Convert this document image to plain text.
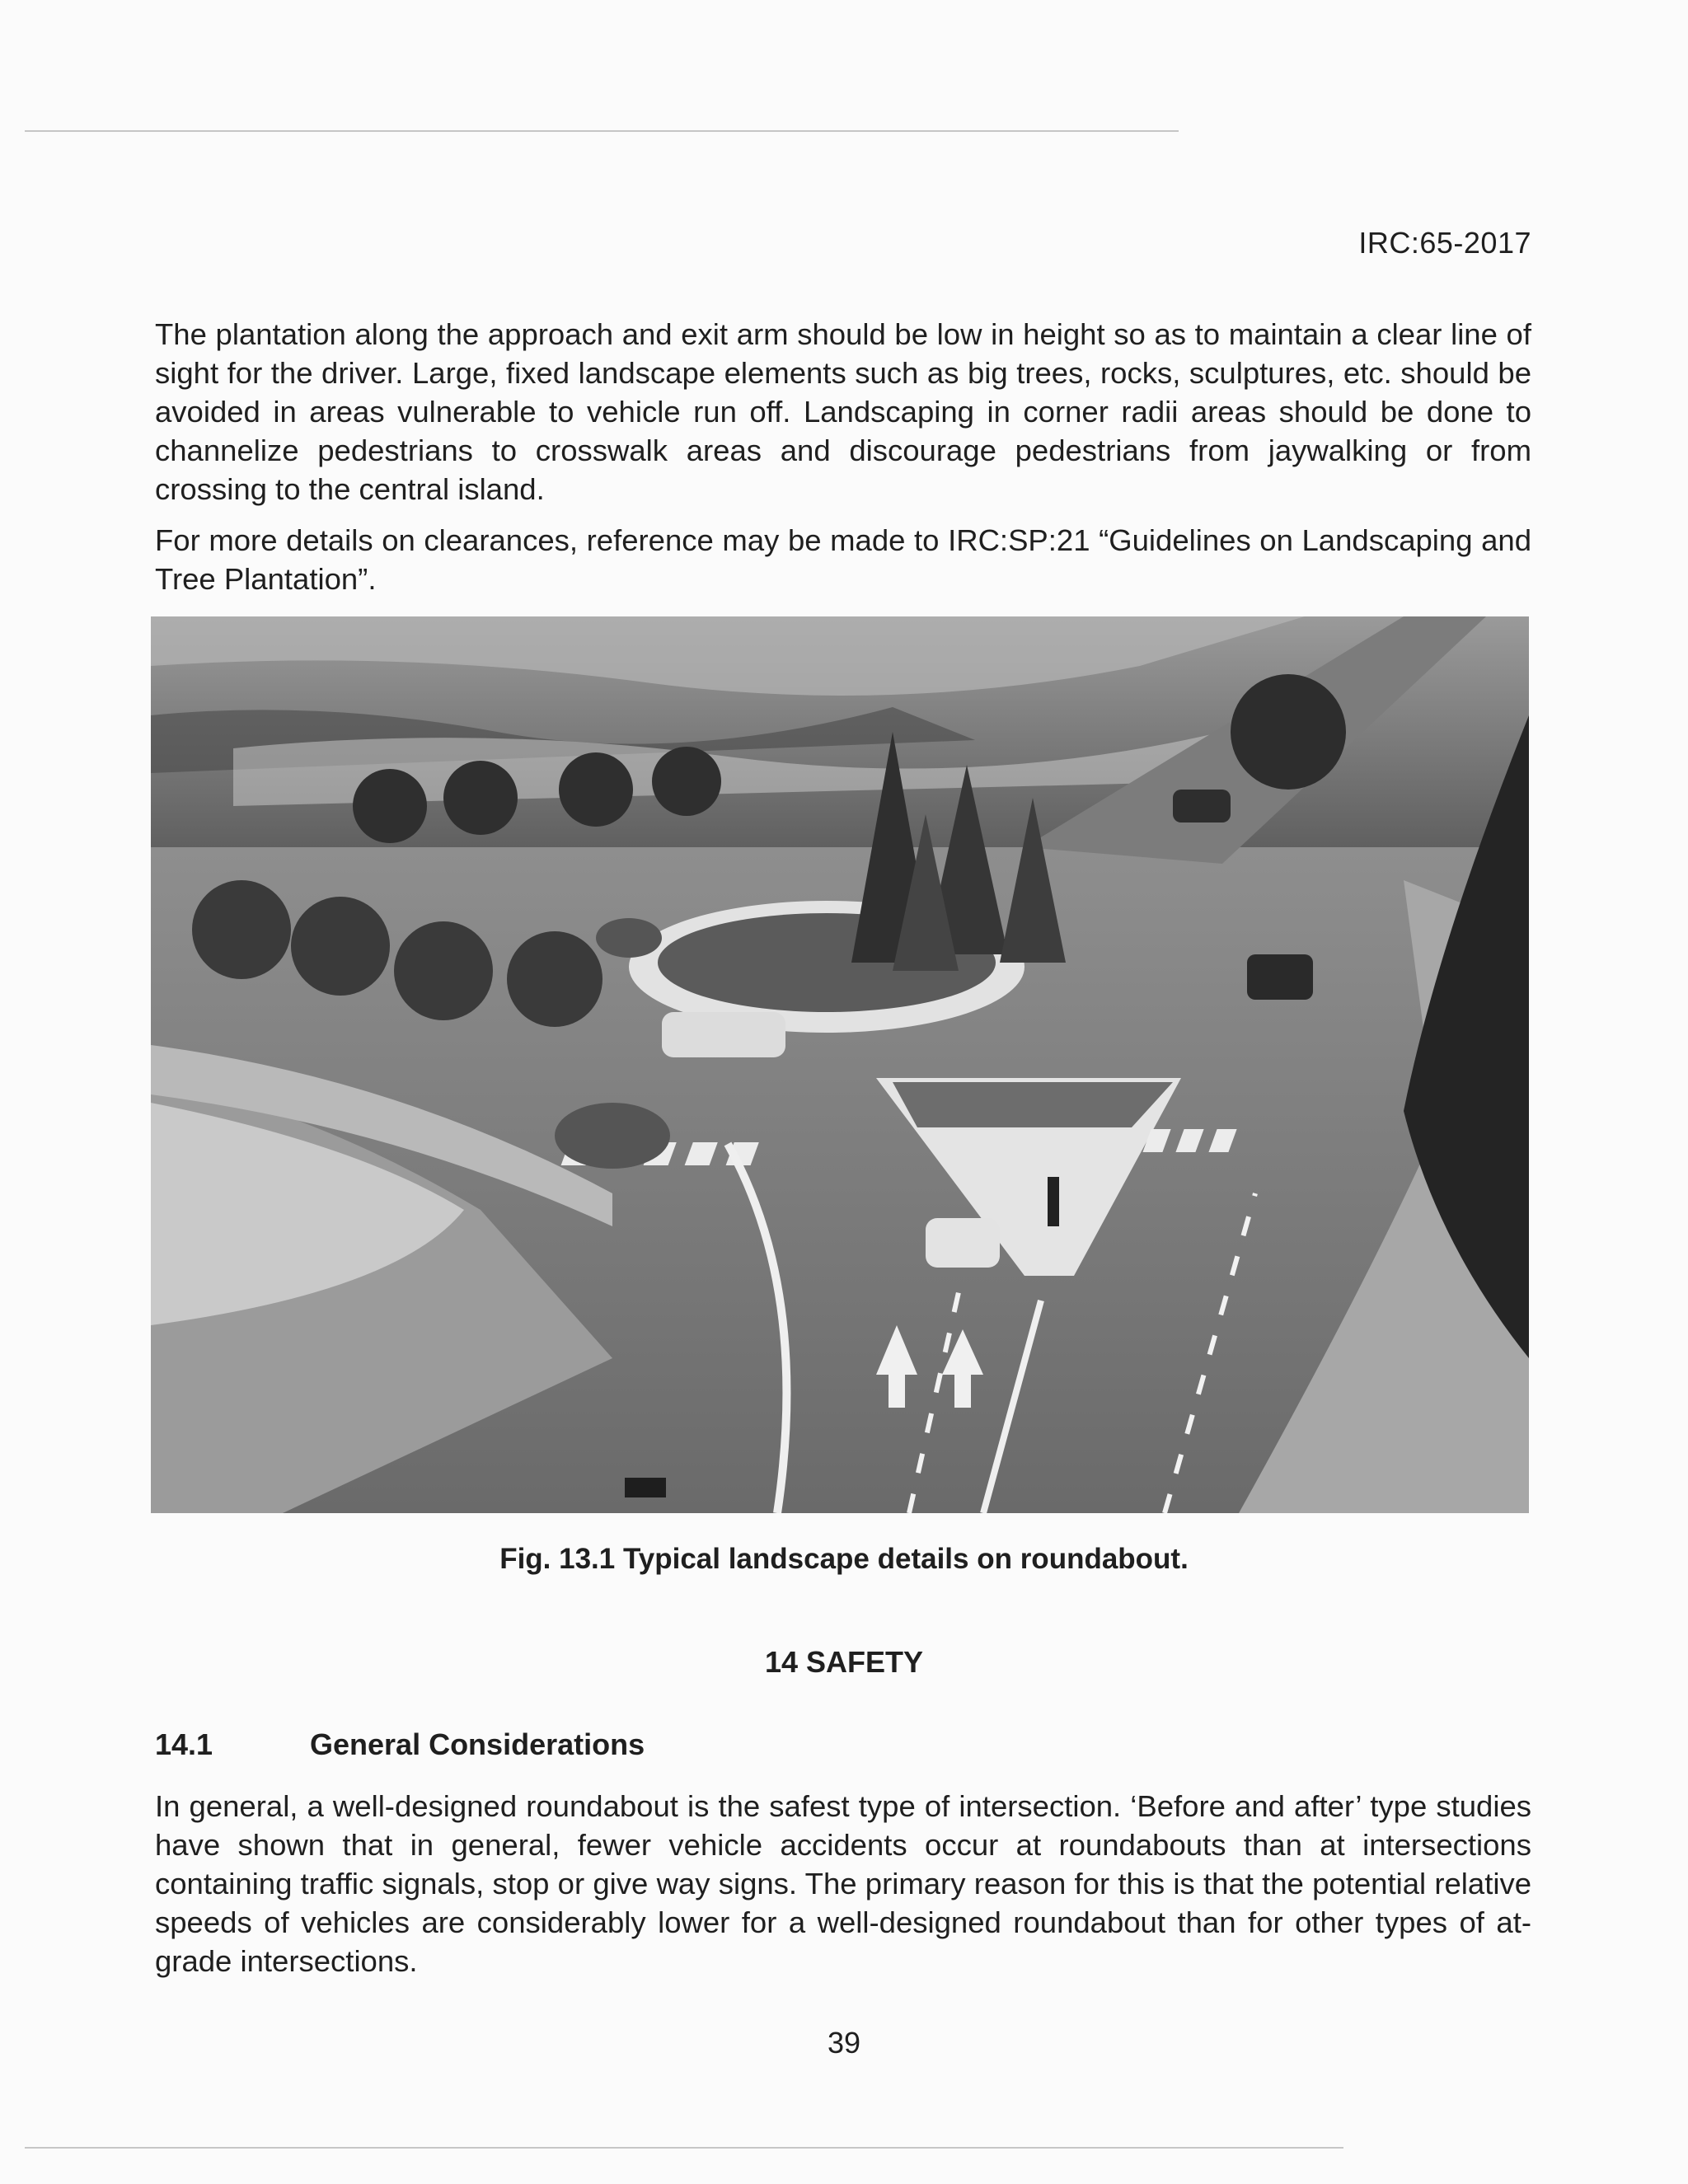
IRC:65-2017

The plantation along the approach and exit arm should be low in height so as to maintain a clear line of sight for the driver. Large, fixed landscape elements such as big trees, rocks, sculptures, etc. should be avoided in areas vulnerable to vehicle run off. Landscaping in corner radii areas should be done to channelize pedestrians to crosswalk areas and discourage pedestrians from jaywalking or from crossing to the central island.

For more details on clearances, reference may be made to IRC:SP:21 “Guidelines on Landscaping and Tree Plantation”.

Fig. 13.1 Typical landscape details on roundabout.
14 SAFETY
14.1	General Considerations

In general, a well-designed roundabout is the safest type of intersection. ‘Before and after’ type studies have shown that in general, fewer vehicle accidents occur at roundabouts than at intersections containing traffic signals, stop or give way signs. The primary reason for this is that the potential relative speeds of vehicles are considerably lower for a well-designed roundabout than for other types of at-grade intersections.

39
